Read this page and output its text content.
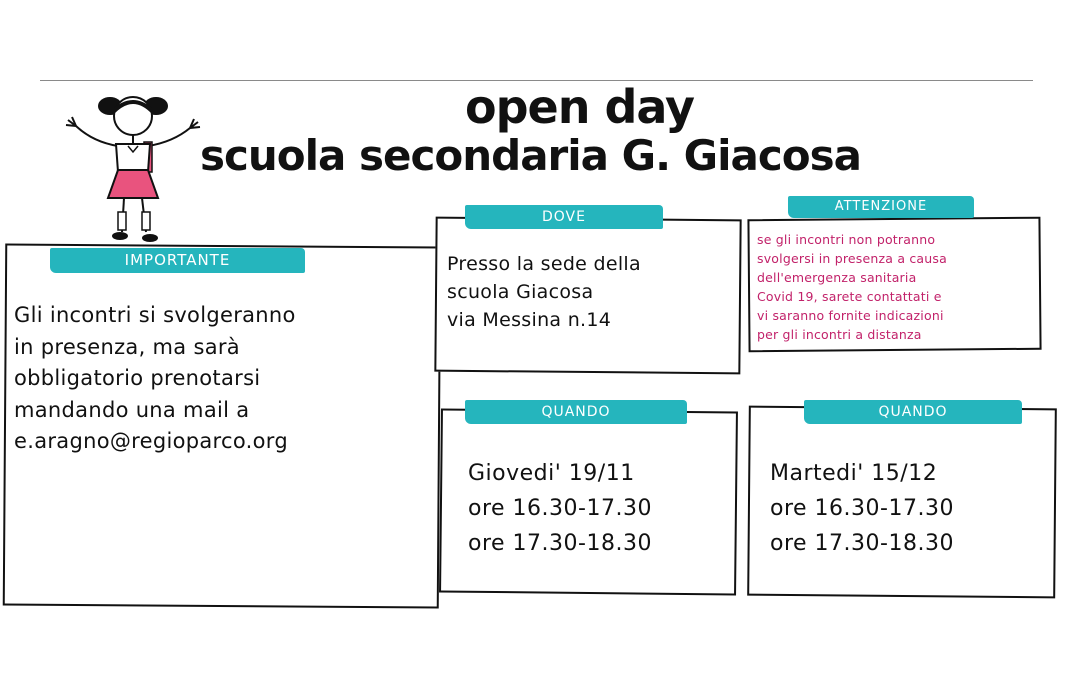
open day
scuola secondaria G. Giacosa
IMPORTANTE

Gli incontri si svolgeranno
in presenza, ma sarà
obbligatorio prenotarsi
mandando una mail a
e.aragno@regioparco.org

DOVE

Presso la sede della
scuola Giacosa
via Messina n.14

ATTENZIONE

se gli incontri non potranno
svolgersi in presenza a causa
dell'emergenza sanitaria
Covid 19, sarete contattati e
vi saranno fornite indicazioni
per gli incontri a distanza

QUANDO

Giovedi' 19/11
ore 16.30-17.30
ore 17.30-18.30

QUANDO

Martedi' 15/12
ore 16.30-17.30
ore 17.30-18.30
